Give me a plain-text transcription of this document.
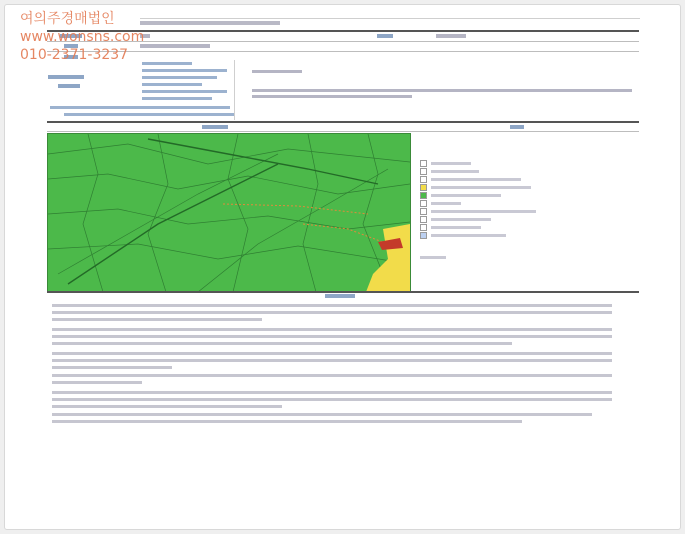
여의주경매법인
www.wonsns.com
010-2371-3237
